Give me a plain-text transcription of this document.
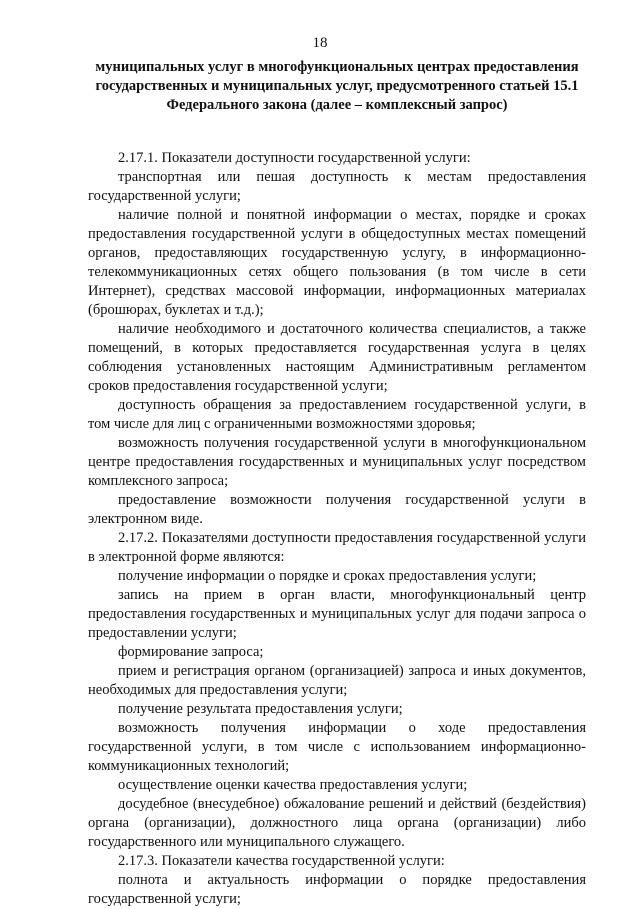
18

муниципальных услуг в многофункциональных центрах предоставления государственных и муниципальных услуг, предусмотренного статьей 15.1 Федерального закона (далее – комплексный запрос)

2.17.1. Показатели доступности государственной услуги:

транспортная или пешая доступность к местам предоставления государственной услуги;

наличие полной и понятной информации о местах, порядке и сроках предоставления государственной услуги в общедоступных местах помещений органов, предоставляющих государственную услугу, в информационно-телекоммуникационных сетях общего пользования (в том числе в сети Интернет), средствах массовой информации, информационных материалах (брошюрах, буклетах и т.д.);

наличие необходимого и достаточного количества специалистов, а также помещений, в которых предоставляется государственная услуга в целях соблюдения установленных настоящим Административным регламентом сроков предоставления государственной услуги;

доступность обращения за предоставлением государственной услуги, в том числе для лиц с ограниченными возможностями здоровья;

возможность получения государственной услуги в многофункциональном центре предоставления государственных и муниципальных услуг посредством комплексного запроса;

предоставление возможности получения государственной услуги в электронном виде.

2.17.2. Показателями доступности предоставления государственной услуги в электронной форме являются:

получение информации о порядке и сроках предоставления услуги;

запись на прием в орган власти, многофункциональный центр предоставления государственных и муниципальных услуг для подачи запроса о предоставлении услуги;

формирование запроса;

прием и регистрация органом (организацией) запроса и иных документов, необходимых для предоставления услуги;

получение результата предоставления услуги;

возможность получения информации о ходе предоставления государственной услуги, в том числе с использованием информационно-коммуникационных технологий;

осуществление оценки качества предоставления услуги;

досудебное (внесудебное) обжалование решений и действий (бездействия) органа (организации), должностного лица органа (организации) либо государственного или муниципального служащего.

2.17.3. Показатели качества государственной услуги:

полнота и актуальность информации о порядке предоставления государственной услуги;
